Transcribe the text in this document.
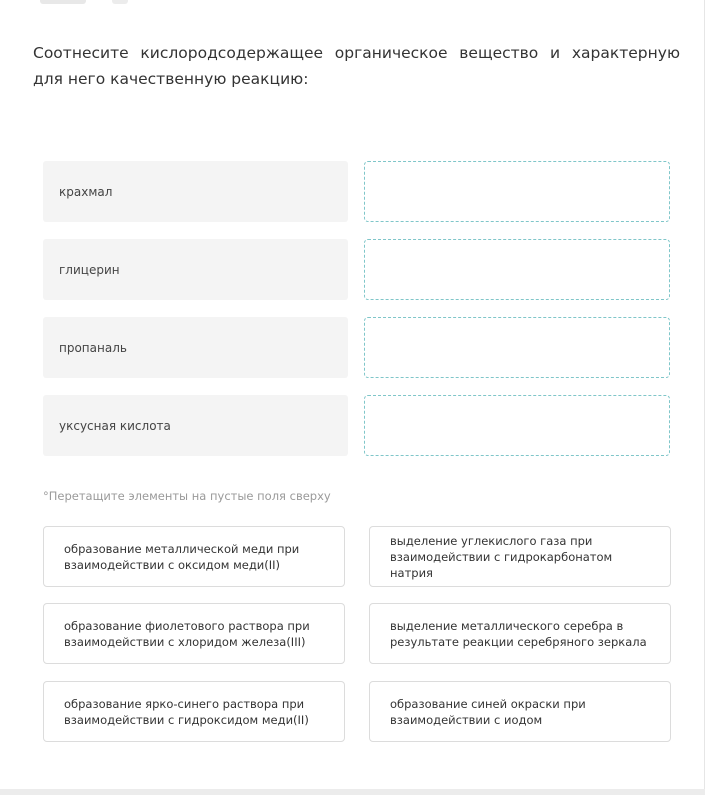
Соотнесите кислородсодержащее органическое вещество и характерную для него качественную реакцию:
крахмал
глицерин
пропаналь
уксусная кислота
°Перетащите элементы на пустые поля сверху
образование металлической меди при взаимодействии с оксидом меди(II)
выделение углекислого газа при взаимодействии с гидрокарбонатом натрия
образование фиолетового раствора при взаимодействии с хлоридом железа(III)
выделение металлического серебра в результате реакции серебряного зеркала
образование ярко-синего раствора при взаимодействии с гидроксидом меди(II)
образование синей окраски при взаимодействии с иодом
